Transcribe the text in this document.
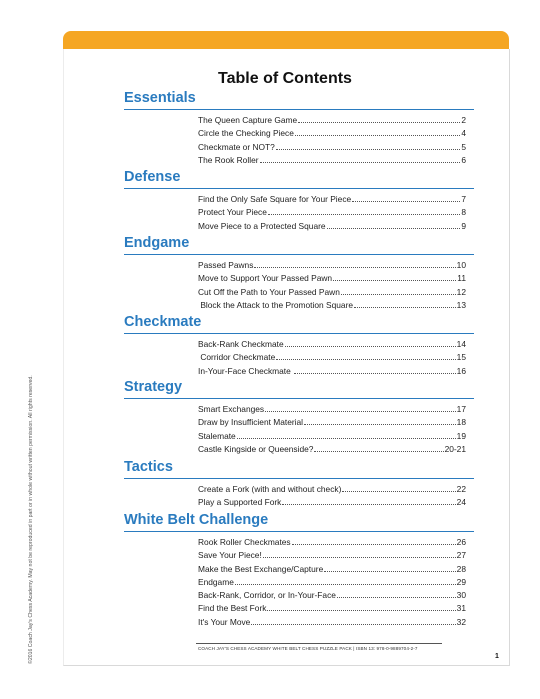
©2016 Coach Jay's Chess Academy. May not be reproduced in part or in whole without written permission. All rights reserved.
Table of Contents
Essentials
The Queen Capture Game	2
Circle the Checking Piece	4
Checkmate or NOT?	5
The Rook Roller	6
Defense
Find the Only Safe Square for Your Piece	7
Protect Your Piece	8
Move Piece to a Protected Square	9
Endgame
Passed Pawns	10
Move to Support Your Passed Pawn	11
Cut Off the Path to Your Passed Pawn	12
Block the Attack to the Promotion Square	13
Checkmate
Back-Rank Checkmate	14
Corridor Checkmate	15
In-Your-Face Checkmate	16
Strategy
Smart Exchanges	17
Draw by Insufficient Material	18
Stalemate	19
Castle Kingside or Queenside?	20-21
Tactics
Create a Fork (with and without check)	22
Play a Supported Fork	24
White Belt Challenge
Rook Roller Checkmates	26
Save Your Piece!	27
Make the Best Exchange/Capture	28
Endgame	29
Back-Rank, Corridor, or In-Your-Face	30
Find the Best Fork	31
It's Your Move	32
COACH JAY'S CHESS ACADEMY WHITE BELT CHESS PUZZLE PACK | ISBN 13: 978-0-9889704-2-7
1
